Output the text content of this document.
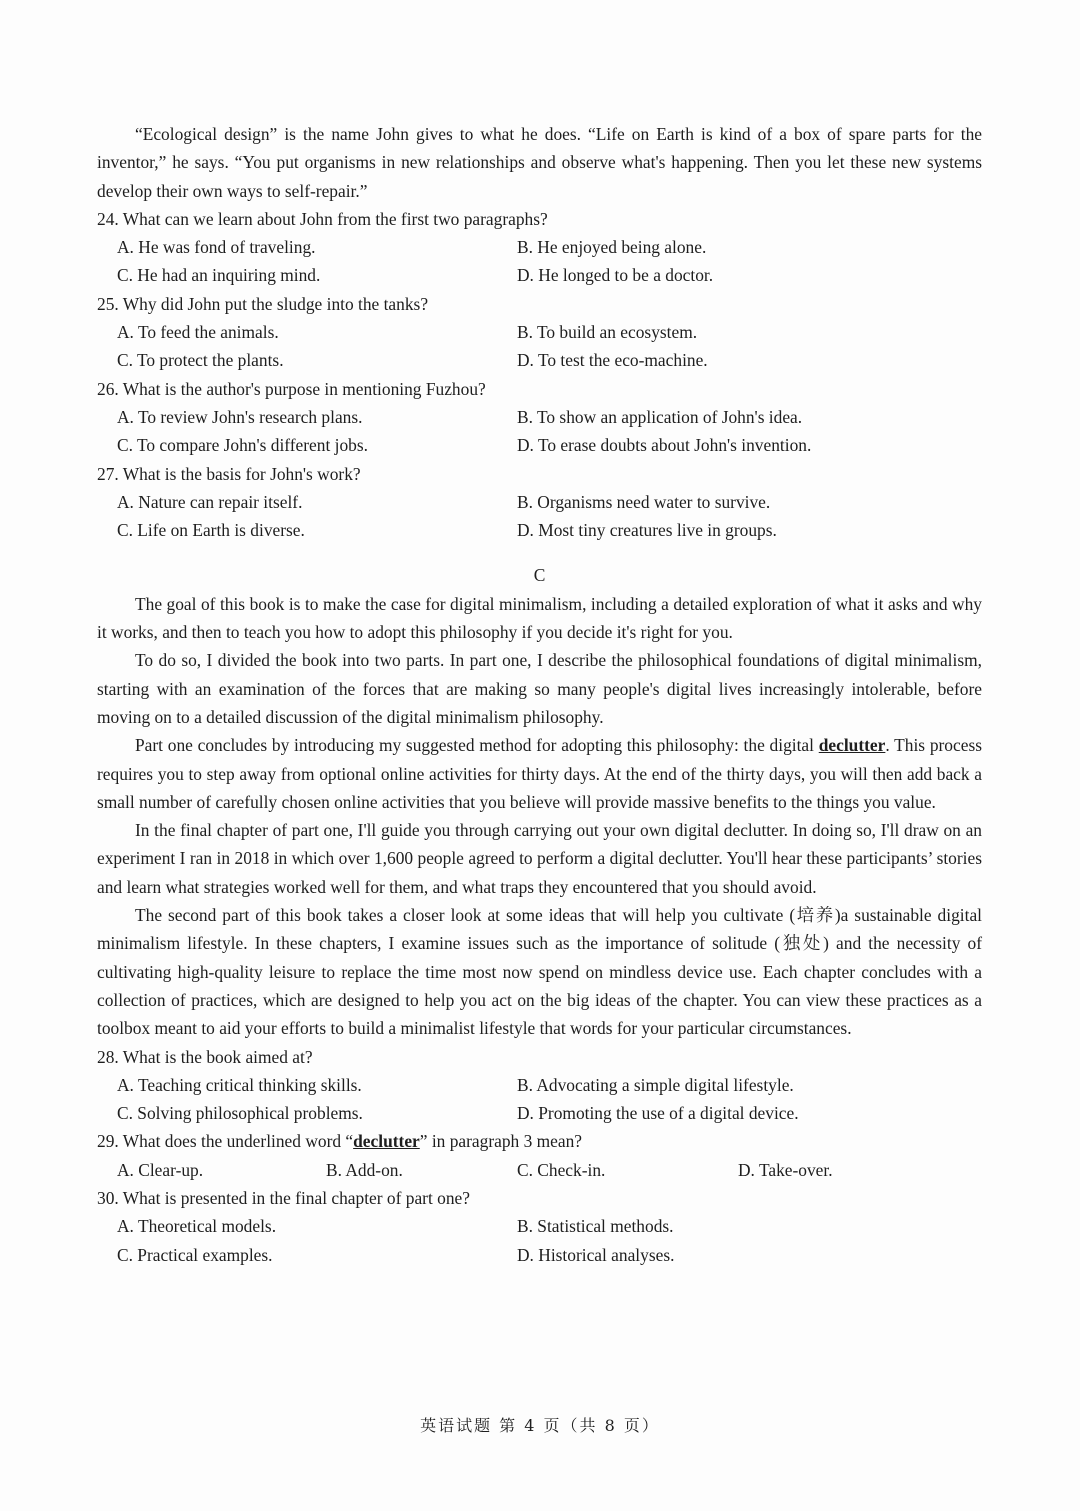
“Ecological design” is the name John gives to what he does. “Life on Earth is kind of a box of spare parts for the inventor,” he says. “You put organisms in new relationships and observe what's happening. Then you let these new systems develop their own ways to self-repair.”

24. What can we learn about John from the first two paragraphs?
A. He was fond of traveling.	B. He enjoyed being alone.
C. He had an inquiring mind.	D. He longed to be a doctor.
25. Why did John put the sludge into the tanks?
A. To feed the animals.	B. To build an ecosystem.
C. To protect the plants.	D. To test the eco-machine.
26. What is the author's purpose in mentioning Fuzhou?
A. To review John's research plans.	B. To show an application of John's idea.
C. To compare John's different jobs.	D. To erase doubts about John's invention.
27. What is the basis for John's work?
A. Nature can repair itself.	B. Organisms need water to survive.
C. Life on Earth is diverse.	D. Most tiny creatures live in groups.

C

The goal of this book is to make the case for digital minimalism, including a detailed exploration of what it asks and why it works, and then to teach you how to adopt this philosophy if you decide it's right for you.

To do so, I divided the book into two parts. In part one, I describe the philosophical foundations of digital minimalism, starting with an examination of the forces that are making so many people's digital lives increasingly intolerable, before moving on to a detailed discussion of the digital minimalism philosophy.

Part one concludes by introducing my suggested method for adopting this philosophy: the digital declutter. This process requires you to step away from optional online activities for thirty days. At the end of the thirty days, you will then add back a small number of carefully chosen online activities that you believe will provide massive benefits to the things you value.

In the final chapter of part one, I'll guide you through carrying out your own digital declutter. In doing so, I'll draw on an experiment I ran in 2018 in which over 1,600 people agreed to perform a digital declutter. You'll hear these participants’ stories and learn what strategies worked well for them, and what traps they encountered that you should avoid.

The second part of this book takes a closer look at some ideas that will help you cultivate (培养)a sustainable digital minimalism lifestyle. In these chapters, I examine issues such as the importance of solitude (独处) and the necessity of cultivating high-quality leisure to replace the time most now spend on mindless device use. Each chapter concludes with a collection of practices, which are designed to help you act on the big ideas of the chapter. You can view these practices as a toolbox meant to aid your efforts to build a minimalist lifestyle that words for your particular circumstances.

28. What is the book aimed at?
A. Teaching critical thinking skills.	B. Advocating a simple digital lifestyle.
C. Solving philosophical problems.	D. Promoting the use of a digital device.
29. What does the underlined word “declutter” in paragraph 3 mean?
A. Clear-up.	B. Add-on.	C. Check-in.	D. Take-over.
30. What is presented in the final chapter of part one?
A. Theoretical models.	B. Statistical methods.
C. Practical examples.	D. Historical analyses.
英语试题 第 4 页（共 8 页）
